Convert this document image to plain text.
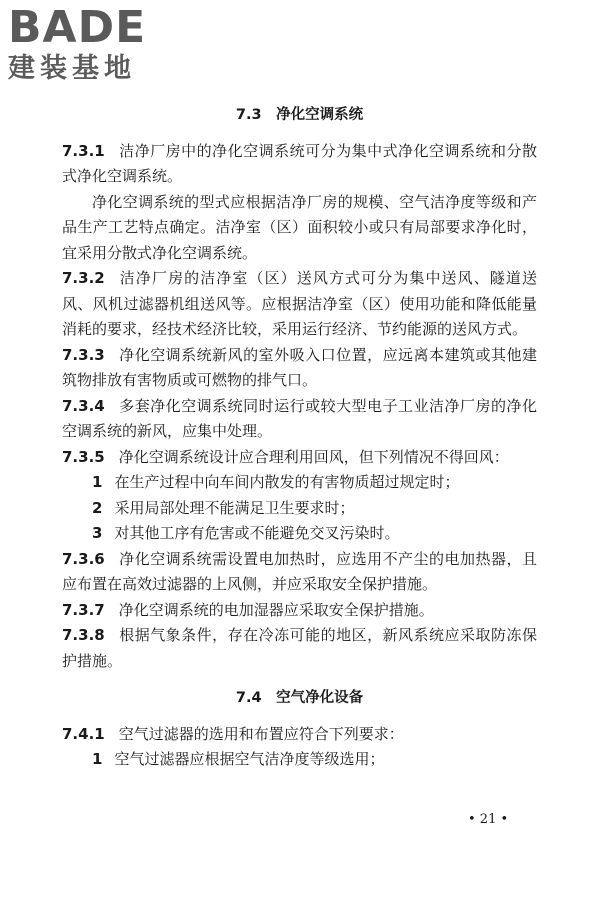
BADE
建装基地
7.3　净化空调系统

7.3.1 洁净厂房中的净化空调系统可分为集中式净化空调系统和分散式净化空调系统。

净化空调系统的型式应根据洁净厂房的规模、空气洁净度等级和产品生产工艺特点确定。洁净室（区）面积较小或只有局部要求净化时，宜采用分散式净化空调系统。

7.3.2 洁净厂房的洁净室（区）送风方式可分为集中送风、隧道送风、风机过滤器机组送风等。应根据洁净室（区）使用功能和降低能量消耗的要求，经技术经济比较，采用运行经济、节约能源的送风方式。

7.3.3 净化空调系统新风的室外吸入口位置，应远离本建筑或其他建筑物排放有害物质或可燃物的排气口。

7.3.4 多套净化空调系统同时运行或较大型电子工业洁净厂房的净化空调系统的新风，应集中处理。

7.3.5 净化空调系统设计应合理利用回风，但下列情况不得回风：

1 在生产过程中向车间内散发的有害物质超过规定时；

2 采用局部处理不能满足卫生要求时；

3 对其他工序有危害或不能避免交叉污染时。

7.3.6 净化空调系统需设置电加热时，应选用不产尘的电加热器，且应布置在高效过滤器的上风侧，并应采取安全保护措施。

7.3.7 净化空调系统的电加湿器应采取安全保护措施。

7.3.8 根据气象条件，存在冷冻可能的地区，新风系统应采取防冻保护措施。

7.4　空气净化设备

7.4.1 空气过滤器的选用和布置应符合下列要求：

1 空气过滤器应根据空气洁净度等级选用；

• 21 •
